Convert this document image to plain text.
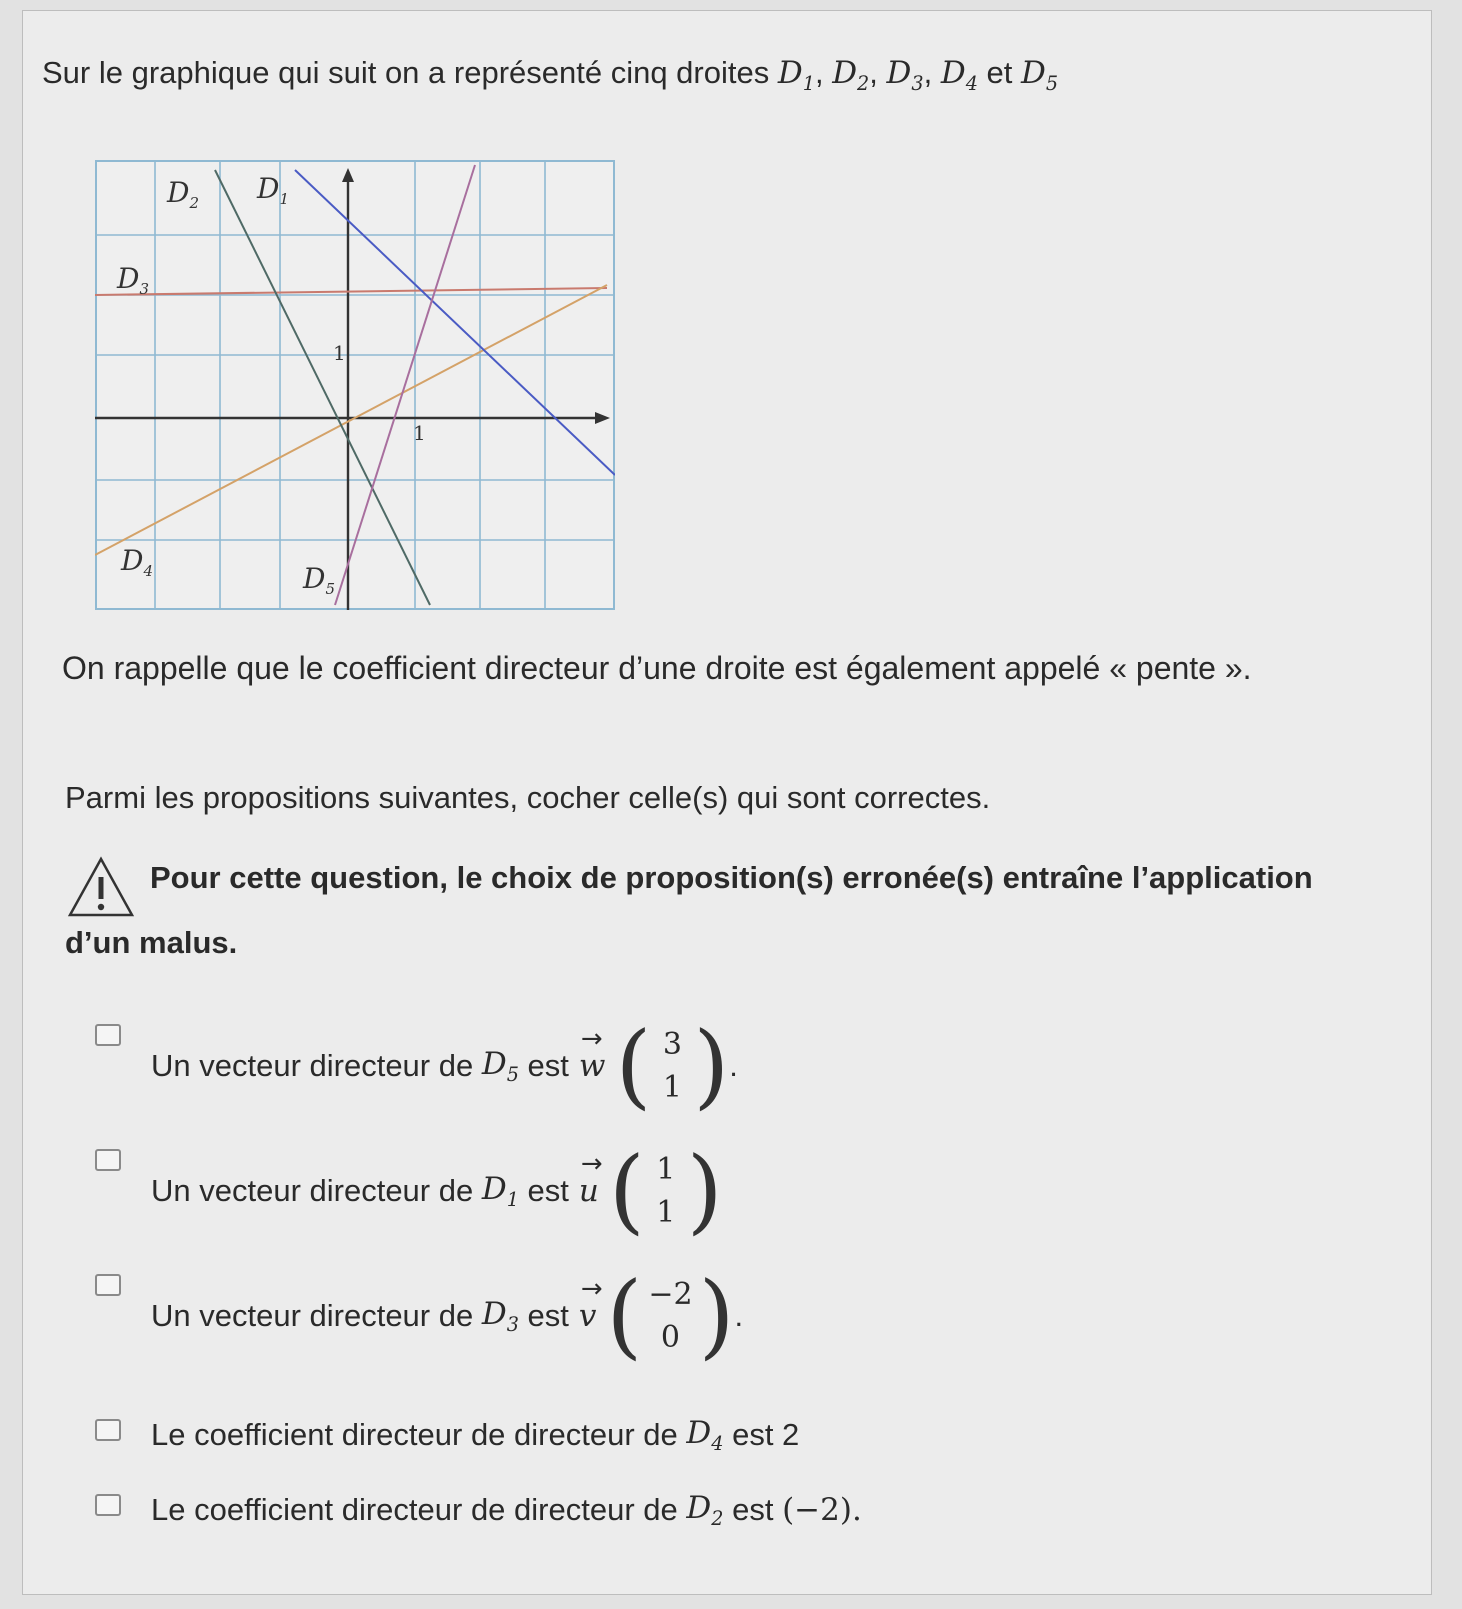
Sur le graphique qui suit on a représenté cinq droites $D_1$, $D_2$, $D_3$, $D_4$ et $D_5$
1
1
$D_2$ $D_1$
$D_3$
$D_4$	$D_5$
On rappelle que le coefficient directeur d’une droite est également appelé « pente ».
Parmi les propositions suivantes, cocher celle(s) qui sont correctes.
Pour cette question, le choix de proposition(s) erronée(s) entraîne l’application
d’un malus.
Un vecteur directeur de
$D_5$
est → w ( 3
1 ) .
Un vecteur directeur de
$D_1$
est → u ( 1
1 )
Un vecteur directeur de
$D_3$
est → v ( −2
0 ) .
Le coefficient directeur de directeur de
$D_4$
est 2
Le coefficient directeur de directeur de
$D_2$
est
(−2).
